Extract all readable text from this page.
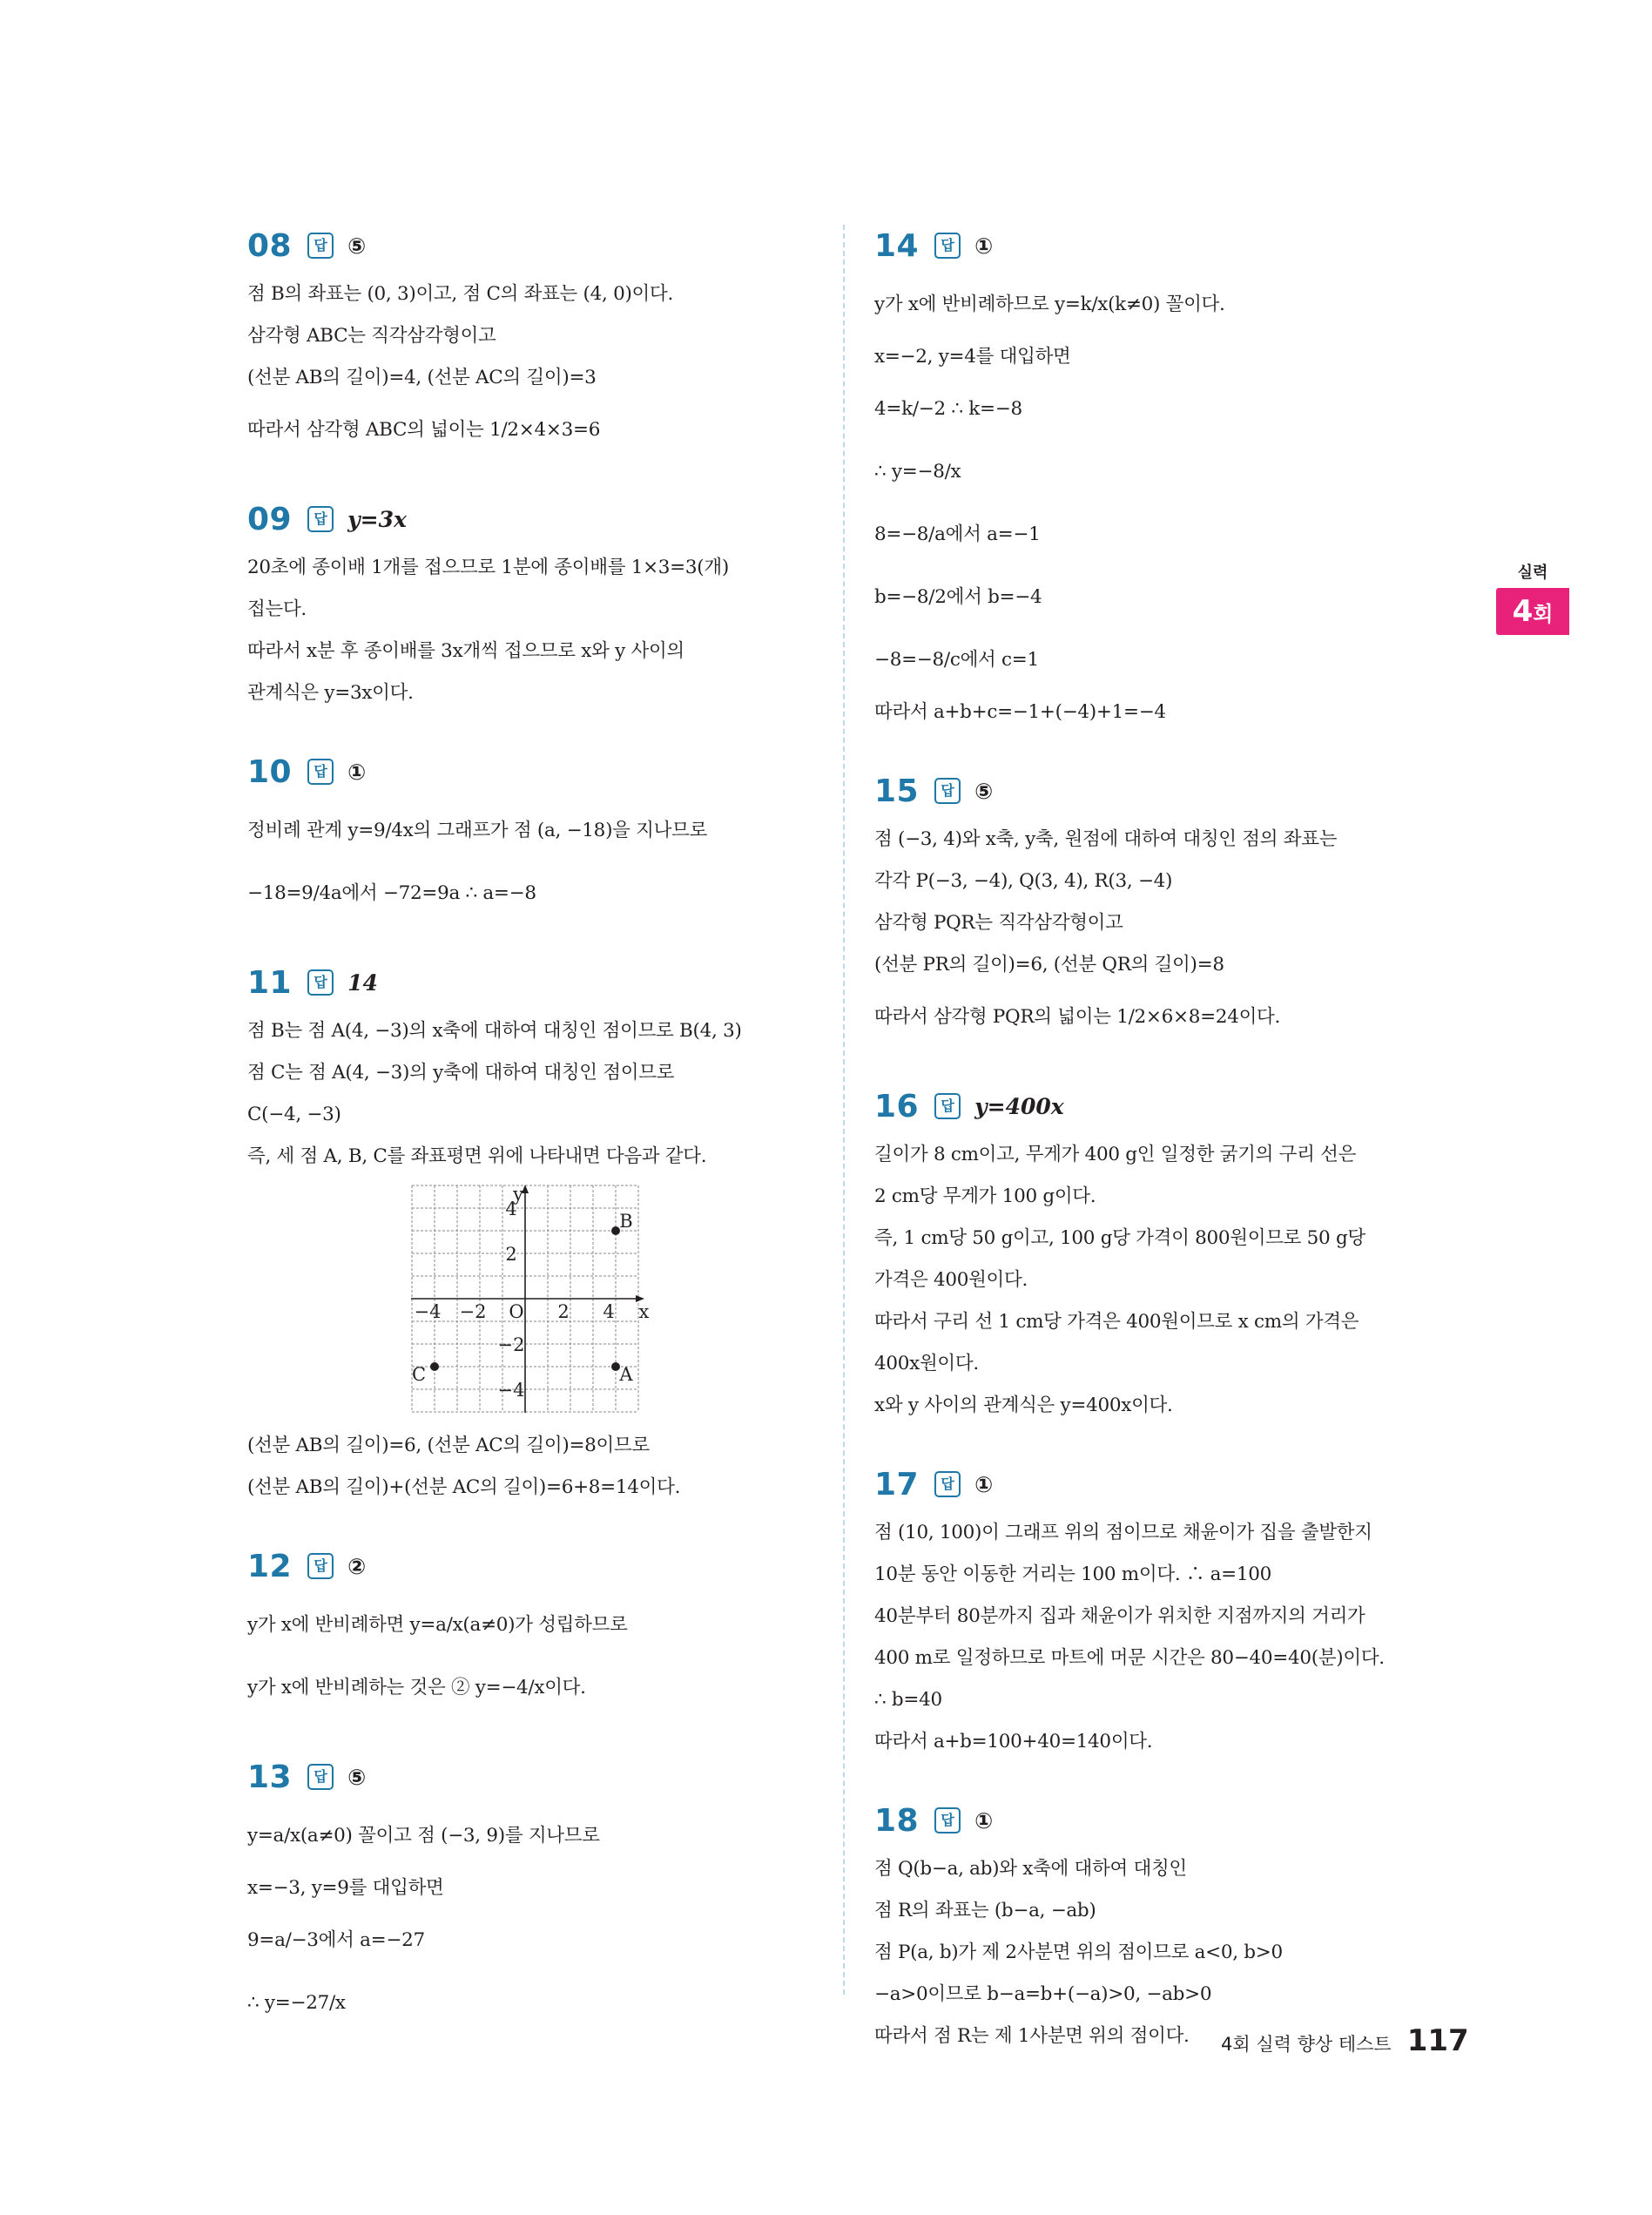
08	답 ⑤
점 B의 좌표는 (0, 3)이고, 점 C의 좌표는 (4, 0)이다.
삼각형 ABC는 직각삼각형이고
(선분 AB의 길이)=4, (선분 AC의 길이)=3
따라서 삼각형 ABC의 넓이는 1/2×4×3=6
09	답 y=3x
20초에 종이배 1개를 접으므로 1분에 종이배를 1×3=3(개)
접는다.
따라서 x분 후 종이배를 3x개씩 접으므로 x와 y 사이의
관계식은 y=3x이다.
10	답 ①
정비례 관계 y=9/4x의 그래프가 점 (a, −18)을 지나므로
−18=9/4a에서 −72=9a ∴ a=−8
11	답 14
점 B는 점 A(4, −3)의 x축에 대하여 대칭인 점이므로 B(4, 3)
점 C는 점 A(4, −3)의 y축에 대하여 대칭인 점이므로
C(−4, −3)
즉, 세 점 A, B, C를 좌표평면 위에 나타내면 다음과 같다.
−4 −2 O 2 4
4
2
−2
−4
x
y
B
A
C
(선분 AB의 길이)=6, (선분 AC의 길이)=8이므로
(선분 AB의 길이)+(선분 AC의 길이)=6+8=14이다.
12	답 ②
y가 x에 반비례하면 y=a/x(a≠0)가 성립하므로
y가 x에 반비례하는 것은 ② y=−4/x이다.
13	답 ⑤
y=a/x(a≠0) 꼴이고 점 (−3, 9)를 지나므로
x=−3, y=9를 대입하면
9=a/−3에서 a=−27
∴ y=−27/x
14	답 ①
y가 x에 반비례하므로 y=k/x(k≠0) 꼴이다.
x=−2, y=4를 대입하면
4=k/−2 ∴ k=−8
∴ y=−8/x
8=−8/a에서 a=−1
b=−8/2에서 b=−4
−8=−8/c에서 c=1
따라서 a+b+c=−1+(−4)+1=−4
15	답 ⑤
점 (−3, 4)와 x축, y축, 원점에 대하여 대칭인 점의 좌표는
각각 P(−3, −4), Q(3, 4), R(3, −4)
삼각형 PQR는 직각삼각형이고
(선분 PR의 길이)=6, (선분 QR의 길이)=8
따라서 삼각형 PQR의 넓이는 1/2×6×8=24이다.
16	답 y=400x
길이가 8 cm이고, 무게가 400 g인 일정한 굵기의 구리 선은
2 cm당 무게가 100 g이다.
즉, 1 cm당 50 g이고, 100 g당 가격이 800원이므로 50 g당
가격은 400원이다.
따라서 구리 선 1 cm당 가격은 400원이므로 x cm의 가격은
400x원이다.
x와 y 사이의 관계식은 y=400x이다.
17	답 ①
점 (10, 100)이 그래프 위의 점이므로 채윤이가 집을 출발한지
10분 동안 이동한 거리는 100 m이다. ∴ a=100
40분부터 80분까지 집과 채윤이가 위치한 지점까지의 거리가
400 m로 일정하므로 마트에 머문 시간은 80−40=40(분)이다.
∴ b=40
따라서 a+b=100+40=140이다.
18	답 ①
점 Q(b−a, ab)와 x축에 대하여 대칭인
점 R의 좌표는 (b−a, −ab)
점 P(a, b)가 제 2사분면 위의 점이므로 a<0, b>0
−a>0이므로 b−a=b+(−a)>0, −ab>0
따라서 점 R는 제 1사분면 위의 점이다.
실력
4회
4회 실력 향상 테스트 117
